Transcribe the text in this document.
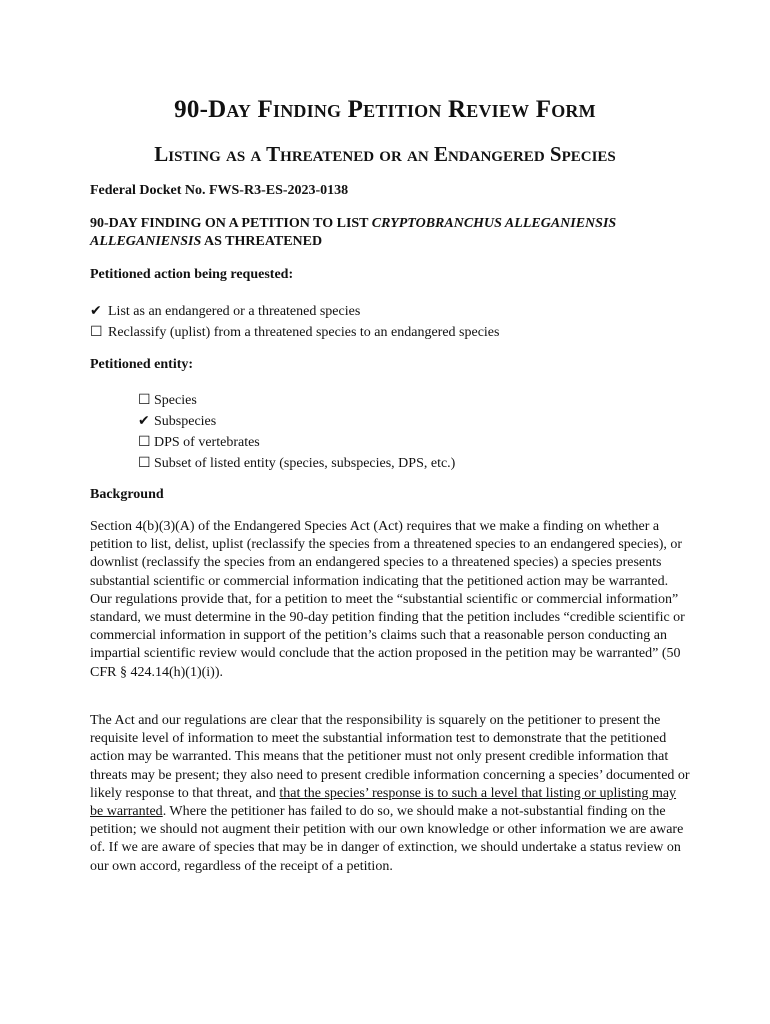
90-Day Finding Petition Review Form
Listing as a Threatened or an Endangered Species
Federal Docket No. FWS-R3-ES-2023-0138
90-DAY FINDING ON A PETITION TO LIST CRYPTOBRANCHUS ALLEGANIENSIS ALLEGANIENSIS AS THREATENED
Petitioned action being requested:
✔ List as an endangered or a threatened species
☐ Reclassify (uplist) from a threatened species to an endangered species
Petitioned entity:
☐ Species
✔ Subspecies
☐ DPS of vertebrates
☐ Subset of listed entity (species, subspecies, DPS, etc.)
Background

Section 4(b)(3)(A) of the Endangered Species Act (Act) requires that we make a finding on whether a petition to list, delist, uplist (reclassify the species from a threatened species to an endangered species), or downlist (reclassify the species from an endangered species to a threatened species) a species presents substantial scientific or commercial information indicating that the petitioned action may be warranted. Our regulations provide that, for a petition to meet the “substantial scientific or commercial information” standard, we must determine in the 90-day petition finding that the petition includes “credible scientific or commercial information in support of the petition’s claims such that a reasonable person conducting an impartial scientific review would conclude that the action proposed in the petition may be warranted” (50 CFR § 424.14(h)(1)(i)).

The Act and our regulations are clear that the responsibility is squarely on the petitioner to present the requisite level of information to meet the substantial information test to demonstrate that the petitioned action may be warranted. This means that the petitioner must not only present credible information that threats may be present; they also need to present credible information concerning a species’ documented or likely response to that threat, and that the species’ response is to such a level that listing or uplisting may be warranted. Where the petitioner has failed to do so, we should make a not-substantial finding on the petition; we should not augment their petition with our own knowledge or other information we are aware of. If we are aware of species that may be in danger of extinction, we should undertake a status review on our own accord, regardless of the receipt of a petition.
